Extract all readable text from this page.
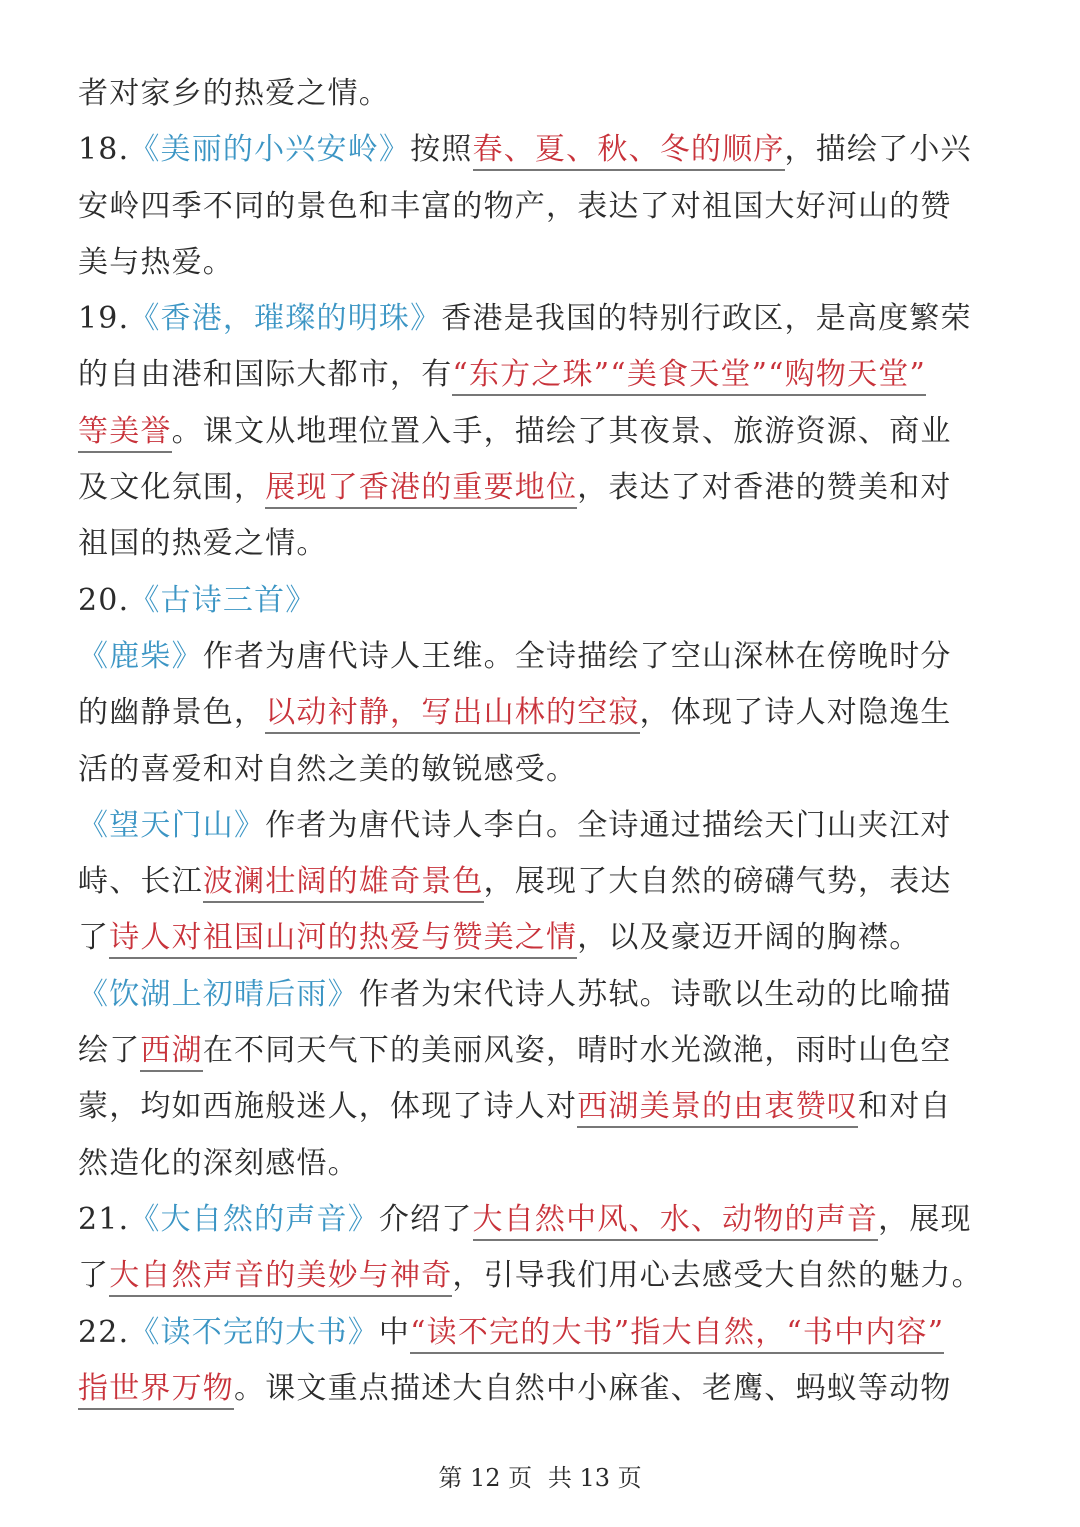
者对家乡的热爱之情。
18.《美丽的小兴安岭》按照春、夏、秋、冬的顺序，描绘了小兴
安岭四季不同的景色和丰富的物产，表达了对祖国大好河山的赞
美与热爱。
19.《香港，璀璨的明珠》香港是我国的特别行政区，是高度繁荣
的自由港和国际大都市，有“东方之珠”“美食天堂”“购物天堂”
等美誉。课文从地理位置入手，描绘了其夜景、旅游资源、商业
及文化氛围，展现了香港的重要地位，表达了对香港的赞美和对
祖国的热爱之情。
20.《古诗三首》
《鹿柴》作者为唐代诗人王维。全诗描绘了空山深林在傍晚时分
的幽静景色，以动衬静，写出山林的空寂，体现了诗人对隐逸生
活的喜爱和对自然之美的敏锐感受。
《望天门山》作者为唐代诗人李白。全诗通过描绘天门山夹江对
峙、长江波澜壮阔的雄奇景色，展现了大自然的磅礴气势，表达
了诗人对祖国山河的热爱与赞美之情，以及豪迈开阔的胸襟。
《饮湖上初晴后雨》作者为宋代诗人苏轼。诗歌以生动的比喻描
绘了西湖在不同天气下的美丽风姿，晴时水光潋滟，雨时山色空
蒙，均如西施般迷人，体现了诗人对西湖美景的由衷赞叹和对自
然造化的深刻感悟。
21.《大自然的声音》介绍了大自然中风、水、动物的声音，展现
了大自然声音的美妙与神奇，引导我们用心去感受大自然的魅力。
22.《读不完的大书》中“读不完的大书”指大自然，“书中内容”
指世界万物。课文重点描述大自然中小麻雀、老鹰、蚂蚁等动物
第 12 页 共 13 页
